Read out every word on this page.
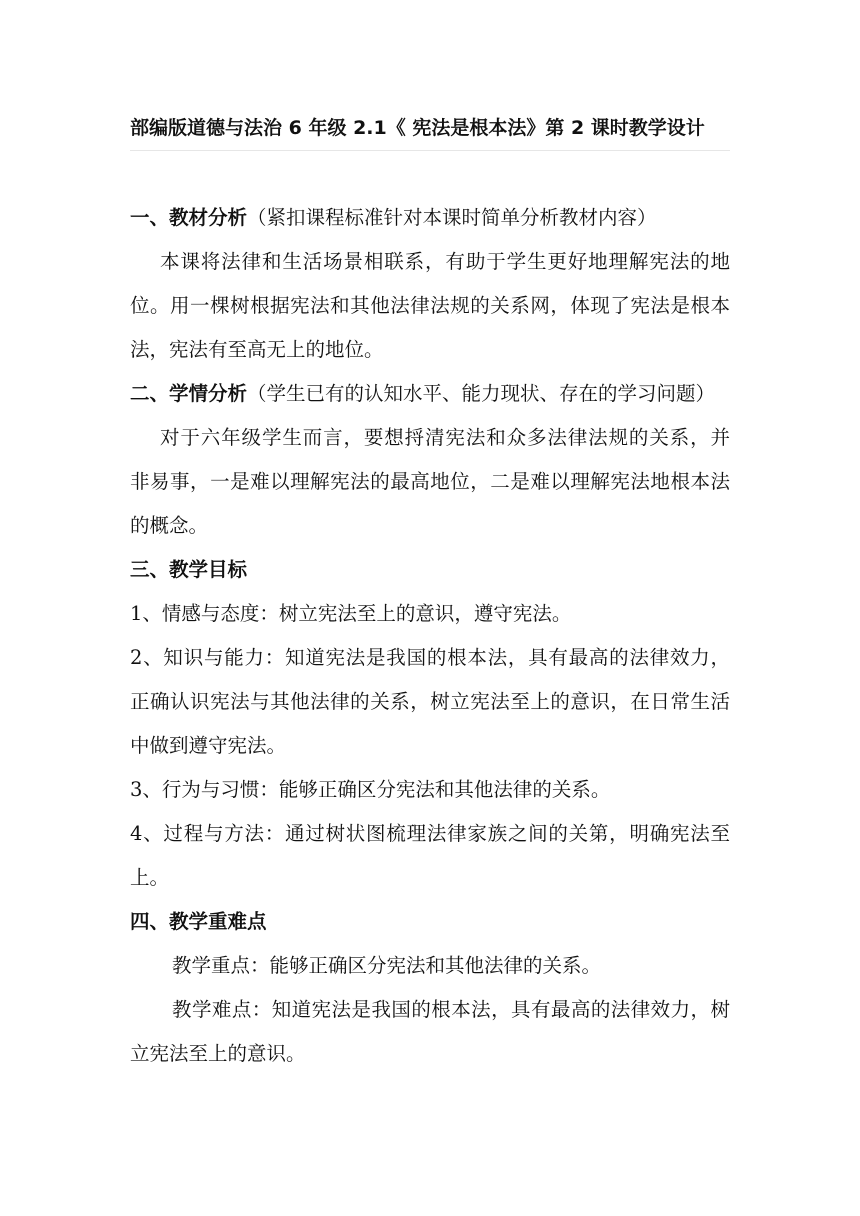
部编版道德与法治 6 年级 2.1《 宪法是根本法》第 2 课时教学设计
一、教材分析（紧扣课程标准针对本课时简单分析教材内容）
本课将法律和生活场景相联系，有助于学生更好地理解宪法的地
位。用一棵树根据宪法和其他法律法规的关系网，体现了宪法是根本
法，宪法有至高无上的地位。
二、学情分析（学生已有的认知水平、能力现状、存在的学习问题）
对于六年级学生而言，要想捋清宪法和众多法律法规的关系，并
非易事，一是难以理解宪法的最高地位，二是难以理解宪法地根本法
的概念。
三、教学目标
1、情感与态度：树立宪法至上的意识，遵守宪法。
2、知识与能力：知道宪法是我国的根本法，具有最高的法律效力，
正确认识宪法与其他法律的关系，树立宪法至上的意识，在日常生活
中做到遵守宪法。
3、行为与习惯：能够正确区分宪法和其他法律的关系。
4、过程与方法：通过树状图梳理法律家族之间的关第，明确宪法至
上。
四、教学重难点
教学重点：能够正确区分宪法和其他法律的关系。
教学难点：知道宪法是我国的根本法，具有最高的法律效力，树
立宪法至上的意识。
